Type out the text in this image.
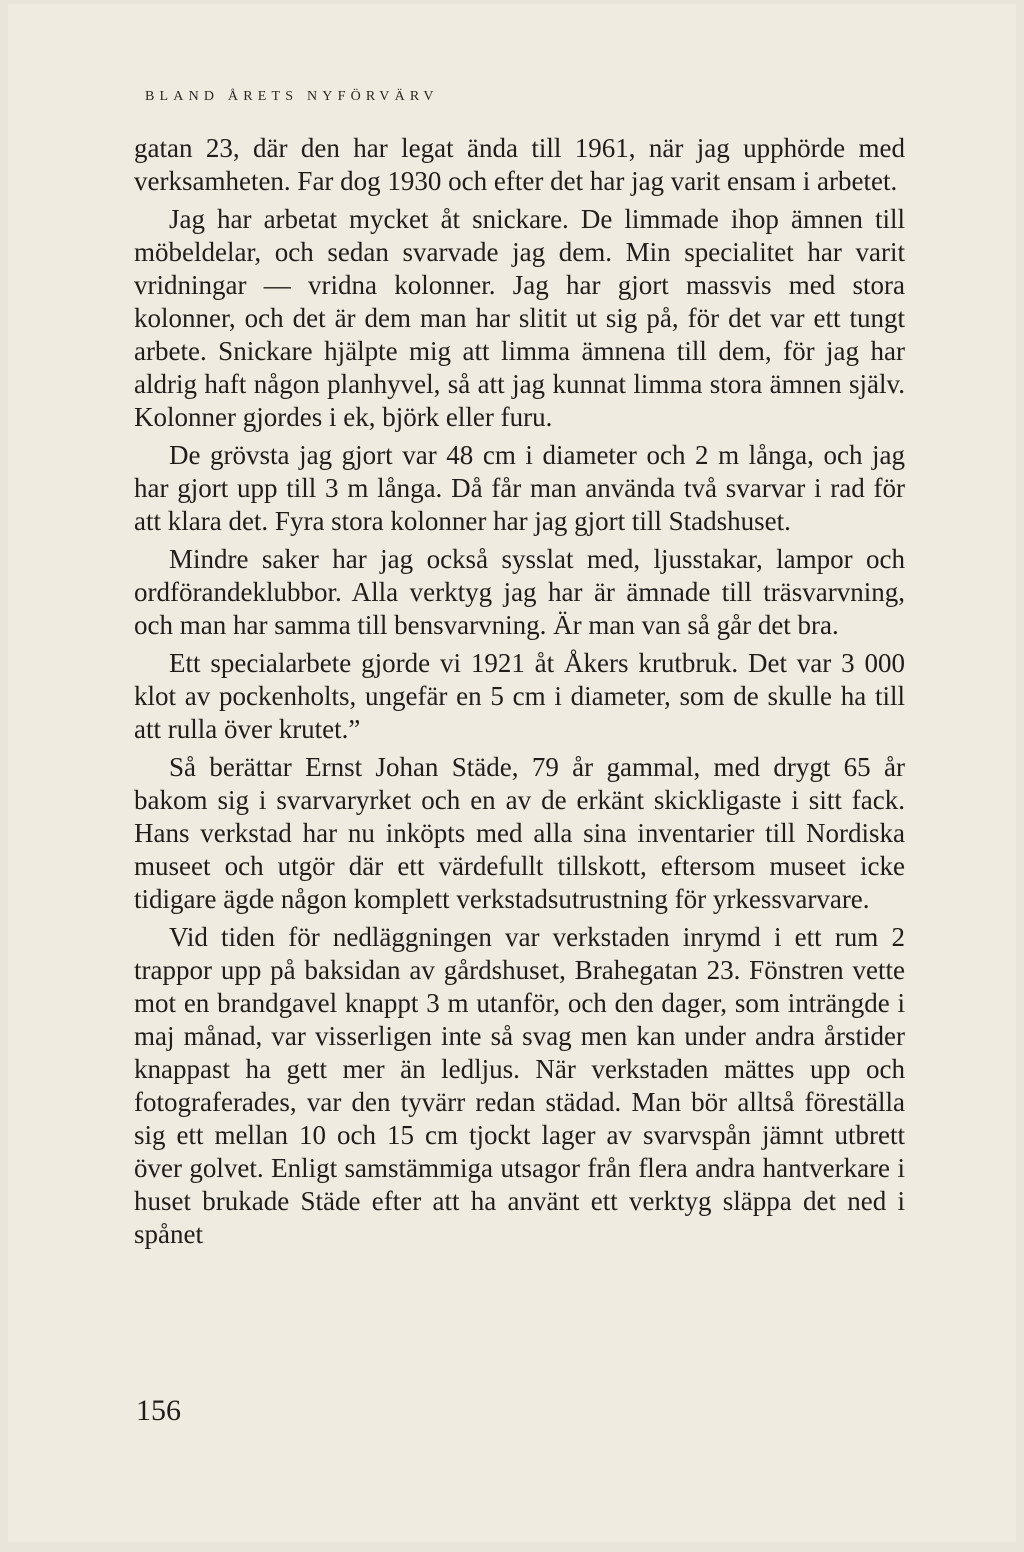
BLAND ÅRETS NYFÖRVÄRV

gatan 23, där den har legat ända till 1961, när jag upphörde med verksamheten. Far dog 1930 och efter det har jag varit ensam i arbetet.

Jag har arbetat mycket åt snickare. De limmade ihop ämnen till möbeldelar, och sedan svarvade jag dem. Min specialitet har varit vridningar — vridna kolonner. Jag har gjort massvis med stora kolonner, och det är dem man har slitit ut sig på, för det var ett tungt arbete. Snickare hjälpte mig att limma ämnena till dem, för jag har aldrig haft någon planhyvel, så att jag kunnat limma stora ämnen själv. Kolonner gjordes i ek, björk eller furu.

De grövsta jag gjort var 48 cm i diameter och 2 m långa, och jag har gjort upp till 3 m långa. Då får man använda två svarvar i rad för att klara det. Fyra stora kolonner har jag gjort till Stadshuset.

Mindre saker har jag också sysslat med, ljusstakar, lampor och ordförandeklubbor. Alla verktyg jag har är ämnade till träsvarvning, och man har samma till bensvarvning. Är man van så går det bra.

Ett specialarbete gjorde vi 1921 åt Åkers krutbruk. Det var 3 000 klot av pockenholts, ungefär en 5 cm i diameter, som de skulle ha till att rulla över krutet.”

Så berättar Ernst Johan Städe, 79 år gammal, med drygt 65 år bakom sig i svarvaryrket och en av de erkänt skickligaste i sitt fack. Hans verkstad har nu inköpts med alla sina inventarier till Nordiska museet och utgör där ett värdefullt tillskott, eftersom museet icke tidigare ägde någon komplett verkstadsutrustning för yrkessvarvare.

Vid tiden för nedläggningen var verkstaden inrymd i ett rum 2 trappor upp på baksidan av gårdshuset, Brahegatan 23. Fönstren vette mot en brandgavel knappt 3 m utanför, och den dager, som inträngde i maj månad, var visserligen inte så svag men kan under andra årstider knappast ha gett mer än ledljus. När verkstaden mättes upp och fotograferades, var den tyvärr redan städad. Man bör alltså föreställa sig ett mellan 10 och 15 cm tjockt lager av svarvspån jämnt utbrett över golvet. Enligt samstämmiga utsagor från flera andra hantverkare i huset brukade Städe efter att ha använt ett verktyg släppa det ned i spånet

156
